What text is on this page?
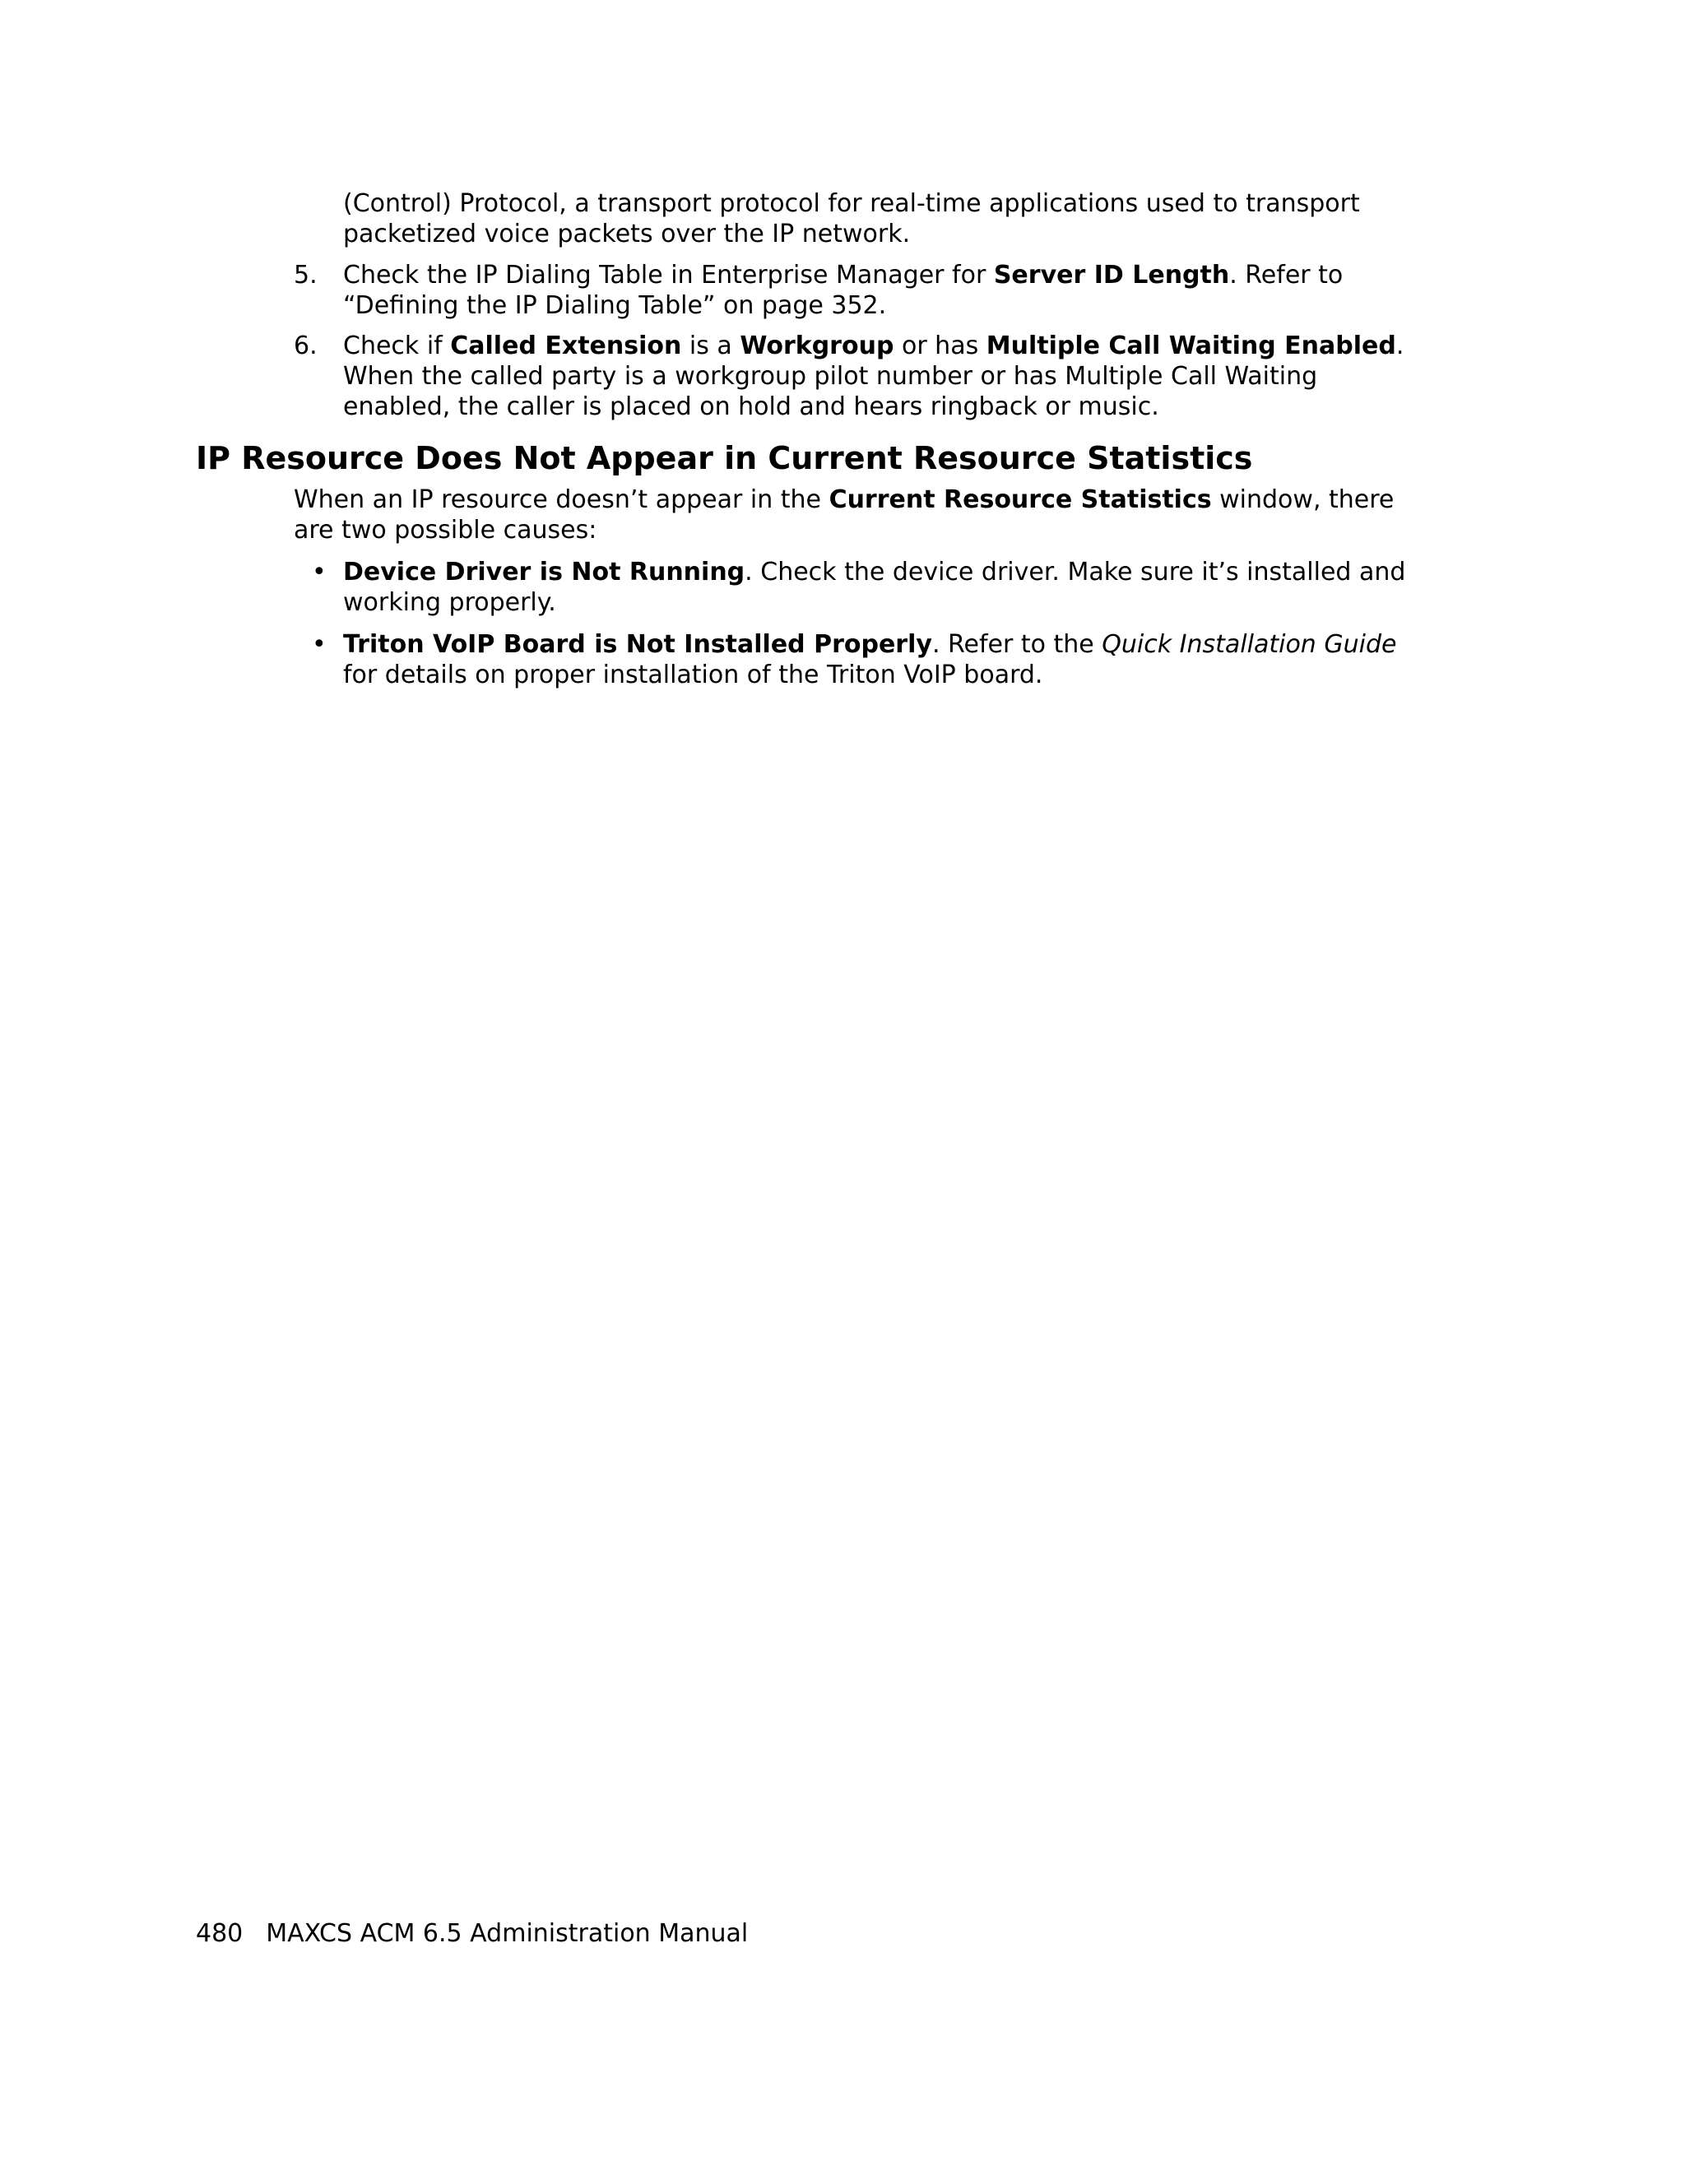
(Control) Protocol, a transport protocol for real-time applications used to transport packetized voice packets over the IP network.

5.	Check the IP Dialing Table in Enterprise Manager for Server ID Length. Refer to “Defining the IP Dialing Table” on page 352.
6.	Check if Called Extension is a Workgroup or has Multiple Call Waiting Enabled. When the called party is a workgroup pilot number or has Multiple Call Waiting enabled, the caller is placed on hold and hears ringback or music.
IP Resource Does Not Appear in Current Resource Statistics

When an IP resource doesn’t appear in the Current Resource Statistics window, there are two possible causes:

• Device Driver is Not Running. Check the device driver. Make sure it’s installed and working properly.
• Triton VoIP Board is Not Installed Properly. Refer to the Quick Installation Guide for details on proper installation of the Triton VoIP board.
480 MAXCS ACM 6.5 Administration Manual
